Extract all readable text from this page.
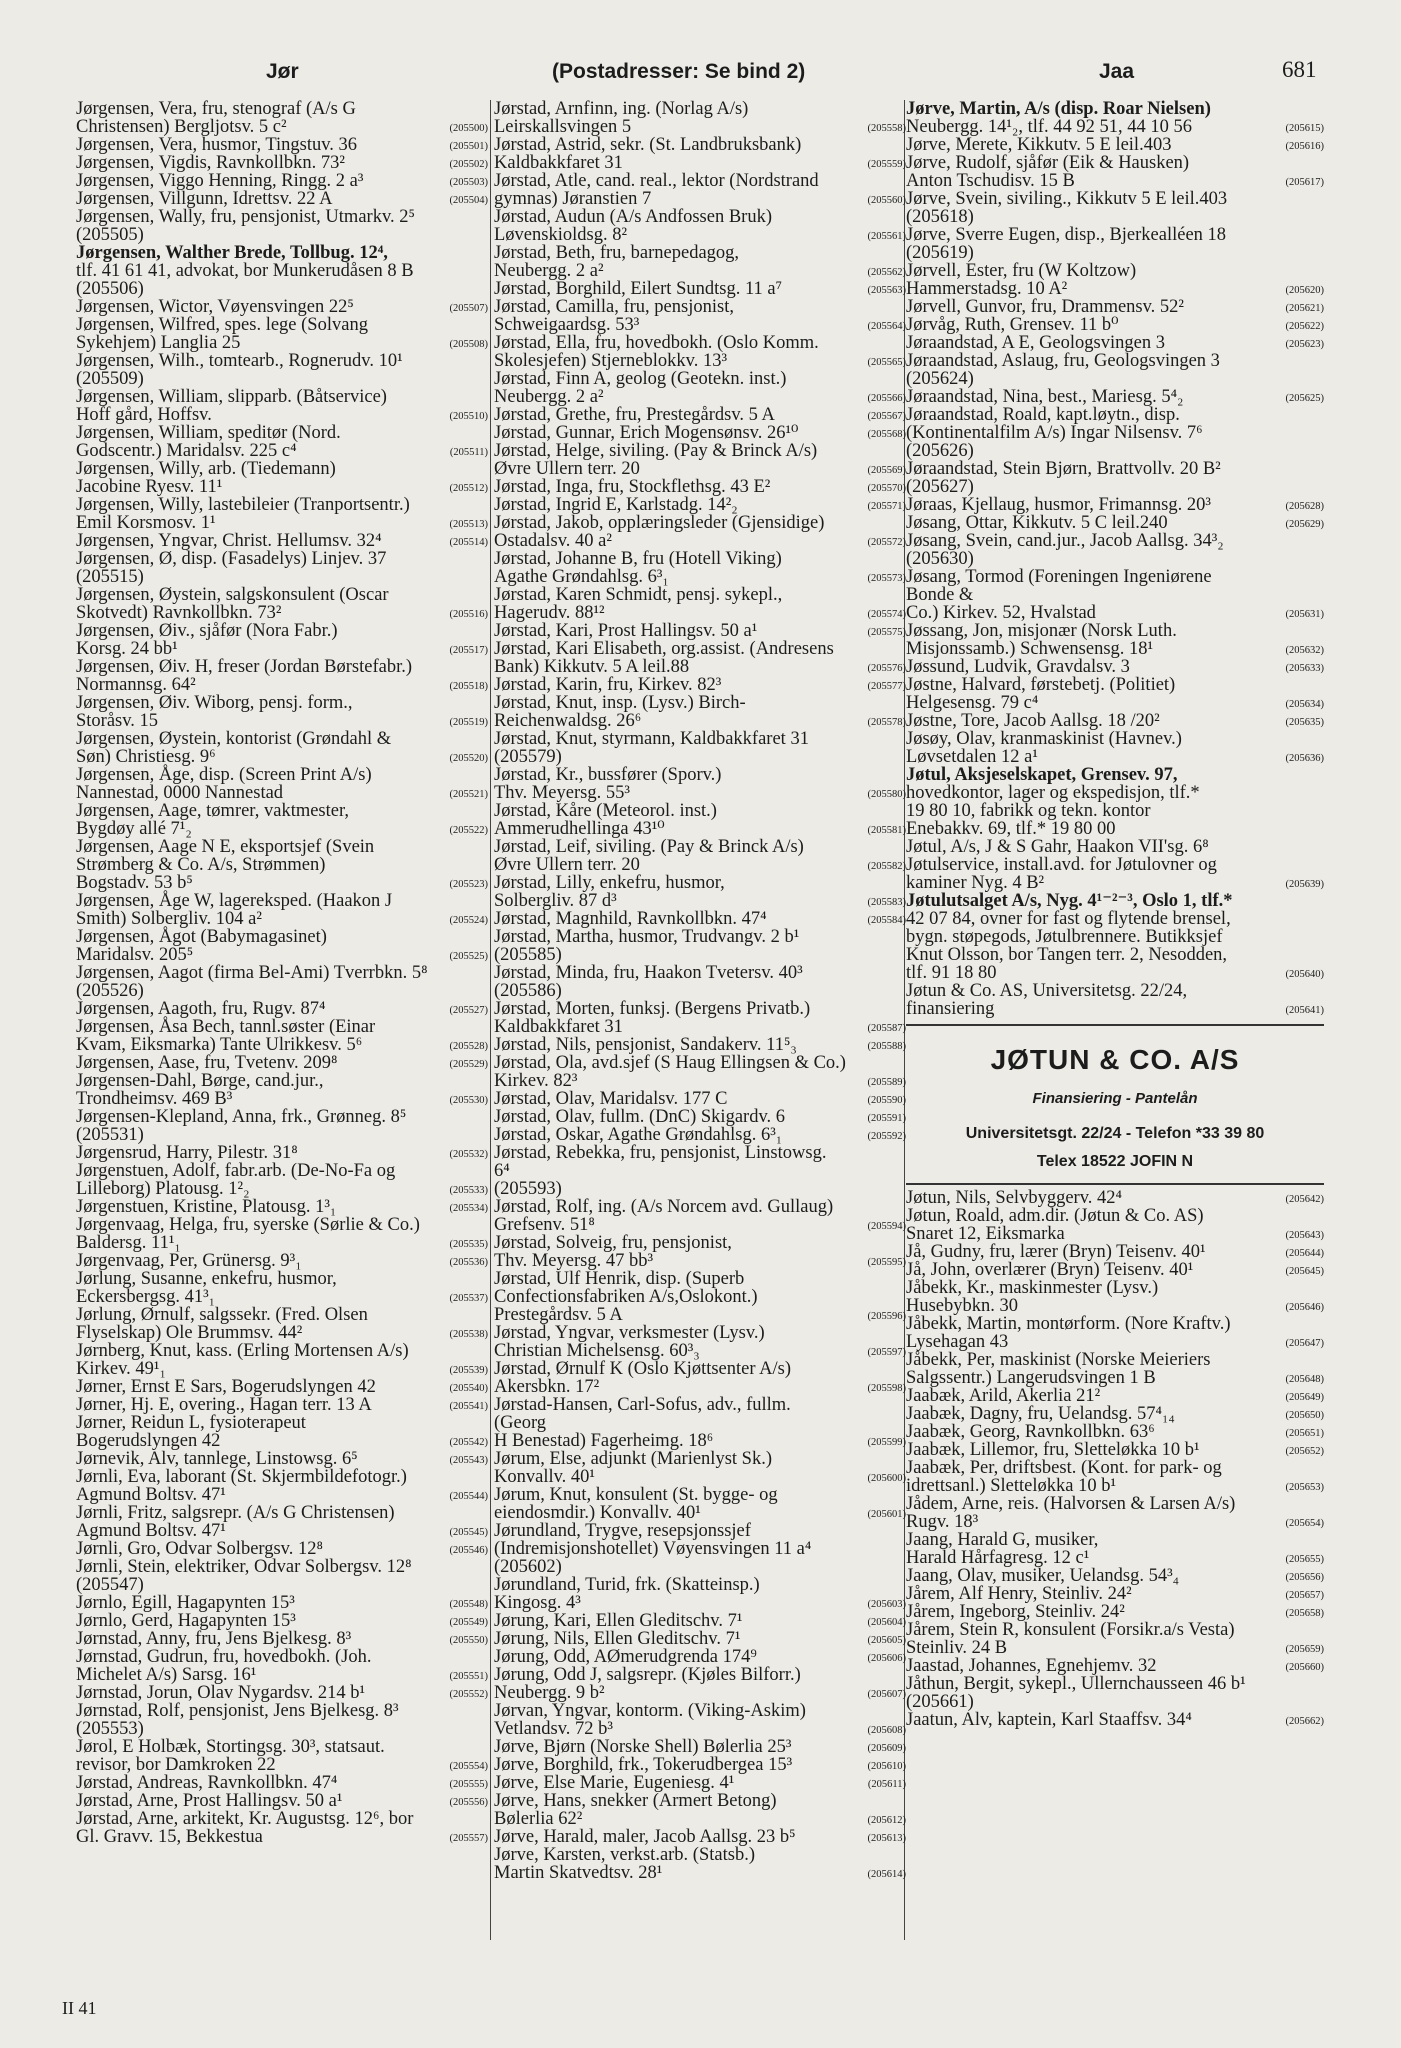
Jør	(Postadresser: Se bind 2)	Jaa	681
Jørgensen, Vera, fru, stenograf (A/s G
Christensen) Bergljotsv. 5 c²	(205500)
Jørgensen, Vera, husmor, Tingstuv. 36	(205501)
Jørgensen, Vigdis, Ravnkollbkn. 73²	(205502)
Jørgensen, Viggo Henning, Ringg. 2 a³	(205503)
Jørgensen, Villgunn, Idrettsv. 22 A	(205504)
Jørgensen, Wally, fru, pensjonist, Utmarkv. 2⁵
(205505)
Jørgensen, Walther Brede, Tollbug. 12⁴,
tlf. 41 61 41, advokat, bor Munkerudåsen 8 B
(205506)
Jørgensen, Wictor, Vøyensvingen 22⁵	(205507)
Jørgensen, Wilfred, spes. lege (Solvang
Sykehjem) Langlia 25	(205508)
Jørgensen, Wilh., tomtearb., Rognerudv. 10¹
(205509)
Jørgensen, William, slipparb. (Båtservice)
Hoff gård, Hoffsv.	(205510)
Jørgensen, William, speditør (Nord.
Godscentr.) Maridalsv. 225 c⁴	(205511)
Jørgensen, Willy, arb. (Tiedemann)
Jacobine Ryesv. 11¹	(205512)
Jørgensen, Willy, lastebileier (Tranportsentr.)
Emil Korsmosv. 1¹	(205513)
Jørgensen, Yngvar, Christ. Hellumsv. 32⁴	(205514)
Jørgensen, Ø, disp. (Fasadelys) Linjev. 37
(205515)
Jørgensen, Øystein, salgskonsulent (Oscar
Skotvedt) Ravnkollbkn. 73²	(205516)
Jørgensen, Øiv., sjåfør (Nora Fabr.)
Korsg. 24 bb¹	(205517)
Jørgensen, Øiv. H, freser (Jordan Børstefabr.)
Normannsg. 64²	(205518)
Jørgensen, Øiv. Wiborg, pensj. form.,
Storåsv. 15	(205519)
Jørgensen, Øystein, kontorist (Grøndahl &
Søn) Christiesg. 9⁶	(205520)
Jørgensen, Åge, disp. (Screen Print A/s)
Nannestad, 0000 Nannestad	(205521)
Jørgensen, Aage, tømrer, vaktmester,
Bygdøy allé 7¹₂	(205522)
Jørgensen, Aage N E, eksportsjef (Svein
Strømberg & Co. A/s, Strømmen)
Bogstadv. 53 b⁵	(205523)
Jørgensen, Åge W, lagereksped. (Haakon J
Smith) Solbergliv. 104 a²	(205524)
Jørgensen, Ågot (Babymagasinet)
Maridalsv. 205⁵	(205525)
Jørgensen, Aagot (firma Bel-Ami) Tverrbkn. 5⁸
(205526)
Jørgensen, Aagoth, fru, Rugv. 87⁴	(205527)
Jørgensen, Åsa Bech, tannl.søster (Einar
Kvam, Eiksmarka) Tante Ulrikkesv. 5⁶	(205528)
Jørgensen, Aase, fru, Tvetenv. 209⁸	(205529)
Jørgensen-Dahl, Børge, cand.jur.,
Trondheimsv. 469 B³	(205530)
Jørgensen-Klepland, Anna, frk., Grønneg. 8⁵
(205531)
Jørgensrud, Harry, Pilestr. 31⁸	(205532)
Jørgenstuen, Adolf, fabr.arb. (De-No-Fa og
Lilleborg) Platousg. 1²₂	(205533)
Jørgenstuen, Kristine, Platousg. 1³₁	(205534)
Jørgenvaag, Helga, fru, syerske (Sørlie & Co.)
Baldersg. 11¹₁	(205535)
Jørgenvaag, Per, Grünersg. 9³₁	(205536)
Jørlung, Susanne, enkefru, husmor,
Eckersbergsg. 41³₁	(205537)
Jørlung, Ørnulf, salgssekr. (Fred. Olsen
Flyselskap) Ole Brummsv. 44²	(205538)
Jørnberg, Knut, kass. (Erling Mortensen A/s)
Kirkev. 49¹₁	(205539)
Jørner, Ernst E Sars, Bogerudslyngen 42	(205540)
Jørner, Hj. E, overing., Hagan terr. 13 A	(205541)
Jørner, Reidun L, fysioterapeut
Bogerudslyngen 42	(205542)
Jørnevik, Alv, tannlege, Linstowsg. 6⁵	(205543)
Jørnli, Eva, laborant (St. Skjermbildefotogr.)
Agmund Boltsv. 47¹	(205544)
Jørnli, Fritz, salgsrepr. (A/s G Christensen)
Agmund Boltsv. 47¹	(205545)
Jørnli, Gro, Odvar Solbergsv. 12⁸	(205546)
Jørnli, Stein, elektriker, Odvar Solbergsv. 12⁸
(205547)
Jørnlo, Egill, Hagapynten 15³	(205548)
Jørnlo, Gerd, Hagapynten 15³	(205549)
Jørnstad, Anny, fru, Jens Bjelkesg. 8³	(205550)
Jørnstad, Gudrun, fru, hovedbokh. (Joh.
Michelet A/s) Sarsg. 16¹	(205551)
Jørnstad, Jorun, Olav Nygardsv. 214 b¹	(205552)
Jørnstad, Rolf, pensjonist, Jens Bjelkesg. 8³
(205553)
Jørol, E Holbæk, Stortingsg. 30³, statsaut.
revisor, bor Damkroken 22	(205554)
Jørstad, Andreas, Ravnkollbkn. 47⁴	(205555)
Jørstad, Arne, Prost Hallingsv. 50 a¹	(205556)
Jørstad, Arne, arkitekt, Kr. Augustsg. 12⁶, bor
Gl. Gravv. 15, Bekkestua	(205557)
Jørstad, Arnfinn, ing. (Norlag A/s)
Leirskallsvingen 5	(205558)
Jørstad, Astrid, sekr. (St. Landbruksbank)
Kaldbakkfaret 31	(205559)
Jørstad, Atle, cand. real., lektor (Nordstrand
gymnas) Jøranstien 7	(205560)
Jørstad, Audun (A/s Andfossen Bruk)
Løvenskioldsg. 8²	(205561)
Jørstad, Beth, fru, barnepedagog,
Neubergg. 2 a²	(205562)
Jørstad, Borghild, Eilert Sundtsg. 11 a⁷	(205563)
Jørstad, Camilla, fru, pensjonist,
Schweigaardsg. 53³	(205564)
Jørstad, Ella, fru, hovedbokh. (Oslo Komm.
Skolesjefen) Stjerneblokkv. 13³	(205565)
Jørstad, Finn A, geolog (Geotekn. inst.)
Neubergg. 2 a²	(205566)
Jørstad, Grethe, fru, Prestegårdsv. 5 A	(205567)
Jørstad, Gunnar, Erich Mogensønsv. 26¹⁰	(205568)
Jørstad, Helge, siviling. (Pay & Brinck A/s)
Øvre Ullern terr. 20	(205569)
Jørstad, Inga, fru, Stockflethsg. 43 E²	(205570)
Jørstad, Ingrid E, Karlstadg. 14²₂	(205571)
Jørstad, Jakob, opplæringsleder (Gjensidige)
Ostadalsv. 40 a²	(205572)
Jørstad, Johanne B, fru (Hotell Viking)
Agathe Grøndahlsg. 6³₁	(205573)
Jørstad, Karen Schmidt, pensj. sykepl.,
Hagerudv. 88¹²	(205574)
Jørstad, Kari, Prost Hallingsv. 50 a¹	(205575)
Jørstad, Kari Elisabeth, org.assist. (Andresens
Bank) Kikkutv. 5 A leil.88	(205576)
Jørstad, Karin, fru, Kirkev. 82³	(205577)
Jørstad, Knut, insp. (Lysv.) Birch-
Reichenwaldsg. 26⁶	(205578)
Jørstad, Knut, styrmann, Kaldbakkfaret 31
(205579)
Jørstad, Kr., bussfører (Sporv.)
Thv. Meyersg. 55³	(205580)
Jørstad, Kåre (Meteorol. inst.)
Ammerudhellinga 43¹⁰	(205581)
Jørstad, Leif, siviling. (Pay & Brinck A/s)
Øvre Ullern terr. 20	(205582)
Jørstad, Lilly, enkefru, husmor,
Solbergliv. 87 d³	(205583)
Jørstad, Magnhild, Ravnkollbkn. 47⁴	(205584)
Jørstad, Martha, husmor, Trudvangv. 2 b¹
(205585)
Jørstad, Minda, fru, Haakon Tvetersv. 40³
(205586)
Jørstad, Morten, funksj. (Bergens Privatb.)
Kaldbakkfaret 31	(205587)
Jørstad, Nils, pensjonist, Sandakerv. 11⁵₃	(205588)
Jørstad, Ola, avd.sjef (S Haug Ellingsen & Co.)
Kirkev. 82³	(205589)
Jørstad, Olav, Maridalsv. 177 C	(205590)
Jørstad, Olav, fullm. (DnC) Skigardv. 6	(205591)
Jørstad, Oskar, Agathe Grøndahlsg. 6³₁	(205592)
Jørstad, Rebekka, fru, pensjonist, Linstowsg. 6⁴
(205593)
Jørstad, Rolf, ing. (A/s Norcem avd. Gullaug)
Grefsenv. 51⁸	(205594)
Jørstad, Solveig, fru, pensjonist,
Thv. Meyersg. 47 bb³	(205595)
Jørstad, Ulf Henrik, disp. (Superb
Confectionsfabriken A/s,Oslokont.)
Prestegårdsv. 5 A	(205596)
Jørstad, Yngvar, verksmester (Lysv.)
Christian Michelsensg. 60³₃	(205597)
Jørstad, Ørnulf K (Oslo Kjøttsenter A/s)
Akersbkn. 17²	(205598)
Jørstad-Hansen, Carl-Sofus, adv., fullm. (Georg
H Benestad) Fagerheimg. 18⁶	(205599)
Jørum, Else, adjunkt (Marienlyst Sk.)
Konvallv. 40¹	(205600)
Jørum, Knut, konsulent (St. bygge- og
eiendosmdir.) Konvallv. 40¹	(205601)
Jørundland, Trygve, resepsjonssjef
(Indremisjonshotellet) Vøyensvingen 11 a⁴
(205602)
Jørundland, Turid, frk. (Skatteinsp.)
Kingosg. 4³	(205603)
Jørung, Kari, Ellen Gleditschv. 7¹	(205604)
Jørung, Nils, Ellen Gleditschv. 7¹	(205605)
Jørung, Odd, AØmerudgrenda 174⁹	(205606)
Jørung, Odd J, salgsrepr. (Kjøles Bilforr.)
Neubergg. 9 b²	(205607)
Jørvan, Yngvar, kontorm. (Viking-Askim)
Vetlandsv. 72 b³	(205608)
Jørve, Bjørn (Norske Shell) Bølerlia 25³	(205609)
Jørve, Borghild, frk., Tokerudbergea 15³	(205610)
Jørve, Else Marie, Eugeniesg. 4¹	(205611)
Jørve, Hans, snekker (Armert Betong)
Bølerlia 62²	(205612)
Jørve, Harald, maler, Jacob Aallsg. 23 b⁵	(205613)
Jørve, Karsten, verkst.arb. (Statsb.)
Martin Skatvedtsv. 28¹	(205614)
Jørve, Martin, A/s (disp. Roar Nielsen)
Neubergg. 14¹₂, tlf. 44 92 51, 44 10 56	(205615)
Jørve, Merete, Kikkutv. 5 E leil.403	(205616)
Jørve, Rudolf, sjåfør (Eik & Hausken)
Anton Tschudisv. 15 B	(205617)
Jørve, Svein, siviling., Kikkutv 5 E leil.403
(205618)
Jørve, Sverre Eugen, disp., Bjerkealléen 18
(205619)
Jørvell, Ester, fru (W Koltzow)
Hammerstadsg. 10 A²	(205620)
Jørvell, Gunvor, fru, Drammensv. 52²	(205621)
Jørvåg, Ruth, Grensev. 11 b⁰	(205622)
Jøraandstad, A E, Geologsvingen 3	(205623)
Jøraandstad, Aslaug, fru, Geologsvingen 3
(205624)
Jøraandstad, Nina, best., Mariesg. 5⁴₂	(205625)
Jøraandstad, Roald, kapt.løytn., disp.
(Kontinentalfilm A/s) Ingar Nilsensv. 7⁶
(205626)
Jøraandstad, Stein Bjørn, Brattvollv. 20 B²
(205627)
Jøraas, Kjellaug, husmor, Frimannsg. 20³	(205628)
Jøsang, Ottar, Kikkutv. 5 C leil.240	(205629)
Jøsang, Svein, cand.jur., Jacob Aallsg. 34³₂
(205630)
Jøsang, Tormod (Foreningen Ingeniørene Bonde &
Co.) Kirkev. 52, Hvalstad	(205631)
Jøssang, Jon, misjonær (Norsk Luth.
Misjonssamb.) Schwensensg. 18¹	(205632)
Jøssund, Ludvik, Gravdalsv. 3	(205633)
Jøstne, Halvard, førstebetj. (Politiet)
Helgesensg. 79 c⁴	(205634)
Jøstne, Tore, Jacob Aallsg. 18 /20²	(205635)
Jøsøy, Olav, kranmaskinist (Havnev.)
Løvsetdalen 12 a¹	(205636)
Jøtul, Aksjeselskapet, Grensev. 97,
hovedkontor, lager og ekspedisjon, tlf.*
19 80 10, fabrikk og tekn. kontor
Enebakkv. 69, tlf.* 19 80 00
Jøtul, A/s, J & S Gahr, Haakon VII'sg. 6⁸
Jøtulservice, install.avd. for Jøtulovner og
kaminer Nyg. 4 B²	(205639)
Jøtulutsalget A/s, Nyg. 4¹⁻²⁻³, Oslo 1, tlf.*
42 07 84, ovner for fast og flytende brensel,
bygn. støpegods, Jøtulbrennere. Butikksjef
Knut Olsson, bor Tangen terr. 2, Nesodden,
tlf. 91 18 80	(205640)
Jøtun & Co. AS, Universitetsg. 22/24,
finansiering	(205641)
JØTUN & CO. A/S
Finansiering - Pantelån
Universitetsgt. 22/24 - Telefon *33 39 80
Telex 18522 JOFIN N
Jøtun, Nils, Selvbyggerv. 42⁴	(205642)
Jøtun, Roald, adm.dir. (Jøtun & Co. AS)
Snaret 12, Eiksmarka	(205643)
Jå, Gudny, fru, lærer (Bryn) Teisenv. 40¹	(205644)
Jå, John, overlærer (Bryn) Teisenv. 40¹	(205645)
Jåbekk, Kr., maskinmester (Lysv.)
Husebybkn. 30	(205646)
Jåbekk, Martin, montørform. (Nore Kraftv.)
Lysehagan 43	(205647)
Jåbekk, Per, maskinist (Norske Meieriers
Salgssentr.) Langerudsvingen 1 B	(205648)
Jaabæk, Arild, Akerlia 21²	(205649)
Jaabæk, Dagny, fru, Uelandsg. 57⁴₁₄	(205650)
Jaabæk, Georg, Ravnkollbkn. 63⁶	(205651)
Jaabæk, Lillemor, fru, Sletteløkka 10 b¹	(205652)
Jaabæk, Per, driftsbest. (Kont. for park- og
idrettsanl.) Sletteløkka 10 b¹	(205653)
Jådem, Arne, reis. (Halvorsen & Larsen A/s)
Rugv. 18³	(205654)
Jaang, Harald G, musiker,
Harald Hårfagresg. 12 c¹	(205655)
Jaang, Olav, musiker, Uelandsg. 54³₄	(205656)
Jårem, Alf Henry, Steinliv. 24²	(205657)
Jårem, Ingeborg, Steinliv. 24²	(205658)
Jårem, Stein R, konsulent (Forsikr.a/s Vesta)
Steinliv. 24 B	(205659)
Jaastad, Johannes, Egnehjemv. 32	(205660)
Jåthun, Bergit, sykepl., Ullernchausseen 46 b¹
(205661)
Jaatun, Alv, kaptein, Karl Staaffsv. 34⁴	(205662)
II 41
